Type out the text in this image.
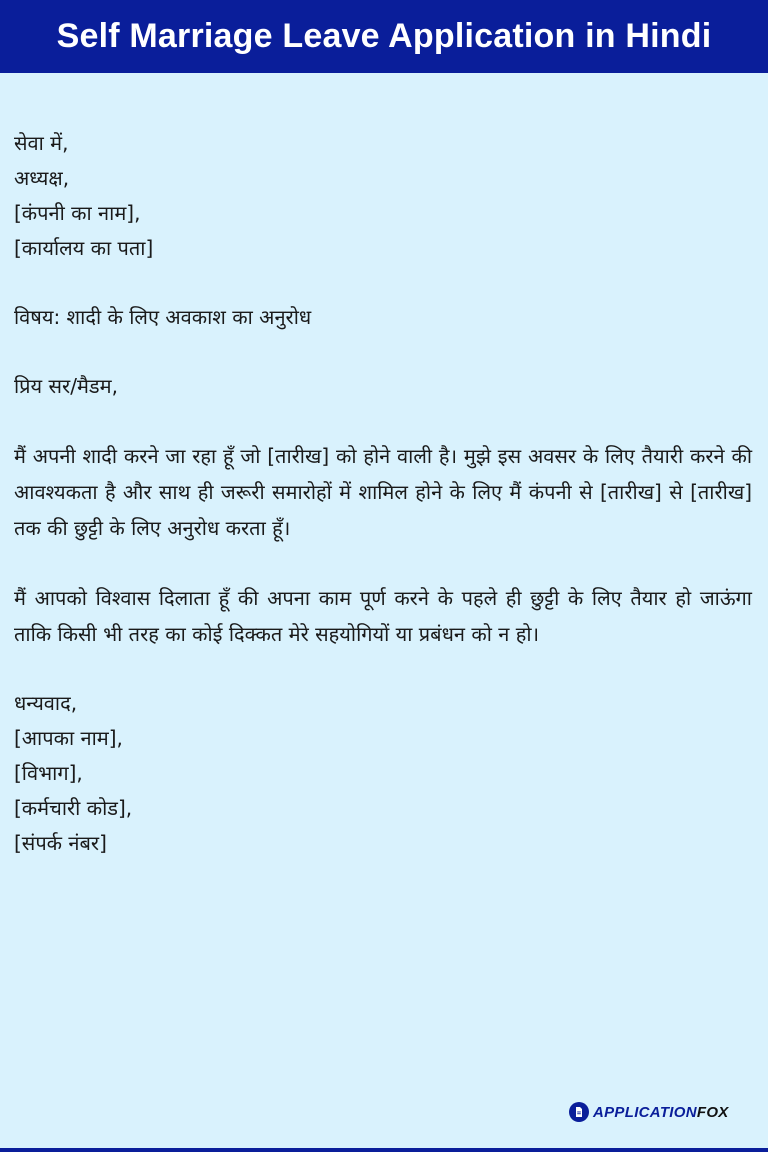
Self Marriage Leave Application in Hindi
सेवा में,
अध्यक्ष,
[कंपनी का नाम],
[कार्यालय का पता]
विषय: शादी के लिए अवकाश का अनुरोध
प्रिय सर/मैडम,
मैं अपनी शादी करने जा रहा हूँ जो [तारीख] को होने वाली है। मुझे इस अवसर के लिए तैयारी करने की आवश्यकता है और साथ ही जरूरी समारोहों में शामिल होने के लिए मैं कंपनी से [तारीख] से [तारीख] तक की छुट्टी के लिए अनुरोध करता हूँ।
मैं आपको विश्वास दिलाता हूँ की अपना काम पूर्ण करने के पहले ही छुट्टी के लिए तैयार हो जाऊंगा ताकि किसी भी तरह का कोई दिक्कत मेरे सहयोगियों या प्रबंधन को न हो।
धन्यवाद,
[आपका नाम],
[विभाग],
[कर्मचारी कोड],
[संपर्क नंबर]
APPLICATIONFOX
